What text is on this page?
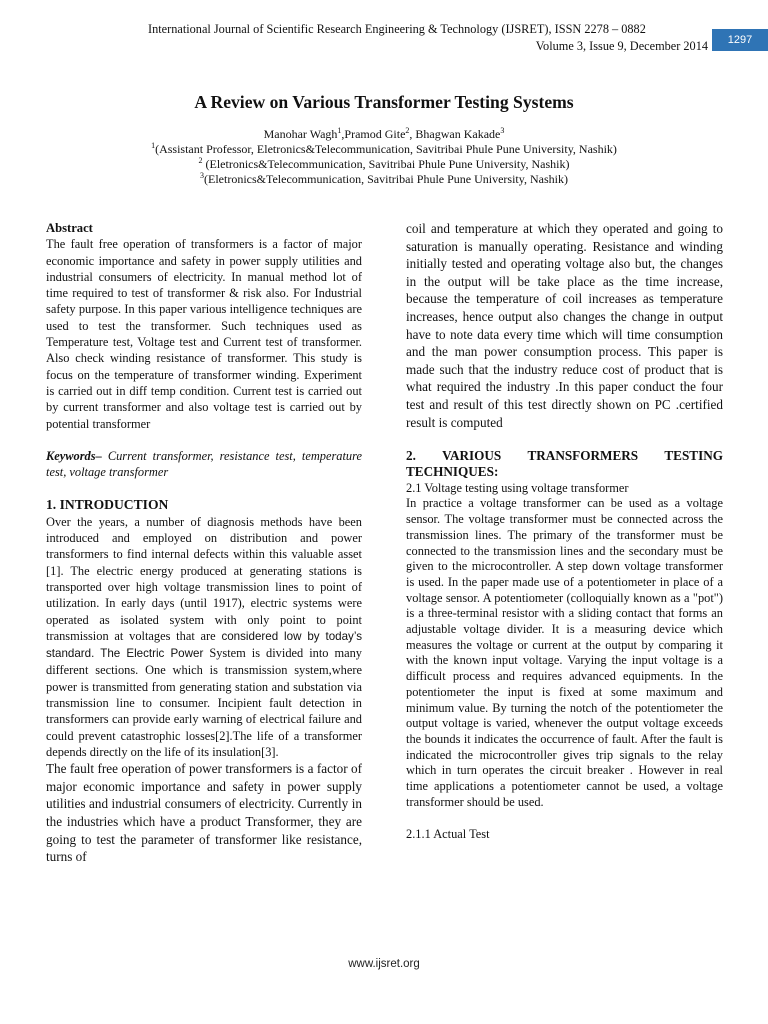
International Journal of Scientific Research Engineering & Technology (IJSRET), ISSN 2278 – 0882
Volume 3, Issue 9, December 2014	1297
A Review on Various Transformer Testing Systems
Manohar Wagh$^1$,Pramod Gite$^2$, Bhagwan Kakade$^3$
$^1$(Assistant Professor, Eletronics&Telecommunication, Savitribai Phule Pune University, Nashik)
$^2$ (Eletronics&Telecommunication, Savitribai Phule Pune University, Nashik)
$^3$(Eletronics&Telecommunication, Savitribai Phule Pune University, Nashik)

Abstract

The fault free operation of transformers is a factor of major economic importance and safety in power supply utilities and industrial consumers of electricity. In manual method lot of time required to test of transformer & risk also. For Industrial safety purpose. In this paper various intelligence techniques are used to test the transformer. Such techniques used as Temperature test, Voltage test and Current test of transformer. Also check winding resistance of transformer. This study is focus on the temperature of transformer winding. Experiment is carried out in diff temp condition. Current test is carried out by current transformer and also voltage test is carried out by potential transformer

Keywords– Current transformer, resistance test, temperature test, voltage transformer

1. INTRODUCTION

Over the years, a number of diagnosis methods have been introduced and employed on distribution and power transformers to find internal defects within this valuable asset [1]. The electric energy produced at generating stations is transported over high voltage transmission lines to point of utilization. In early days (until 1917), electric systems were operated as isolated system with only point to point transmission at voltages that are considered low by today’s standard. The Electric Power System is divided into many different sections. One which is transmission system,where power is transmitted from generating station and substation via transmission line to consumer. Incipient fault detection in transformers can provide early warning of electrical failure and could prevent catastrophic losses[2].The life of a transformer depends directly on the life of its insulation[3].

The fault free operation of power transformers is a factor of major economic importance and safety in power supply utilities and industrial consumers of electricity. Currently in the industries which have a product Transformer, they are going to test the parameter of transformer like resistance, turns of

coil and temperature at which they operated and going to saturation is manually operating. Resistance and winding initially tested and operating voltage also but, the changes in the output will be take place as the time increase, because the temperature of coil increases as temperature increases, hence output also changes the change in output have to note data every time which will time consumption and the man power consumption process. This paper is made such that the industry reduce cost of product that is what required the industry .In this paper conduct the four test and result of this test directly shown on PC .certified result is computed

2. VARIOUS TRANSFORMERS TESTING TECHNIQUES:

2.1 Voltage testing using voltage transformer

In practice a voltage transformer can be used as a voltage sensor. The voltage transformer must be connected across the transmission lines. The primary of the transformer must be connected to the transmission lines and the secondary must be given to the microcontroller. A step down voltage transformer is used. In the paper made use of a potentiometer in place of a voltage sensor. A potentiometer (colloquially known as a "pot") is a three-terminal resistor with a sliding contact that forms an adjustable voltage divider. It is a measuring device which measures the voltage or current at the output by comparing it with the known input voltage. Varying the input voltage is a difficult process and requires advanced equipments. In the potentiometer the input is fixed at some maximum and minimum value. By turning the notch of the potentiometer the output voltage is varied, whenever the output voltage exceeds the bounds it indicates the occurrence of fault. After the fault is indicated the microcontroller gives trip signals to the relay which in turn operates the circuit breaker . However in real time applications a potentiometer cannot be used, a voltage transformer should be used.

2.1.1 Actual Test

www.ijsret.org
